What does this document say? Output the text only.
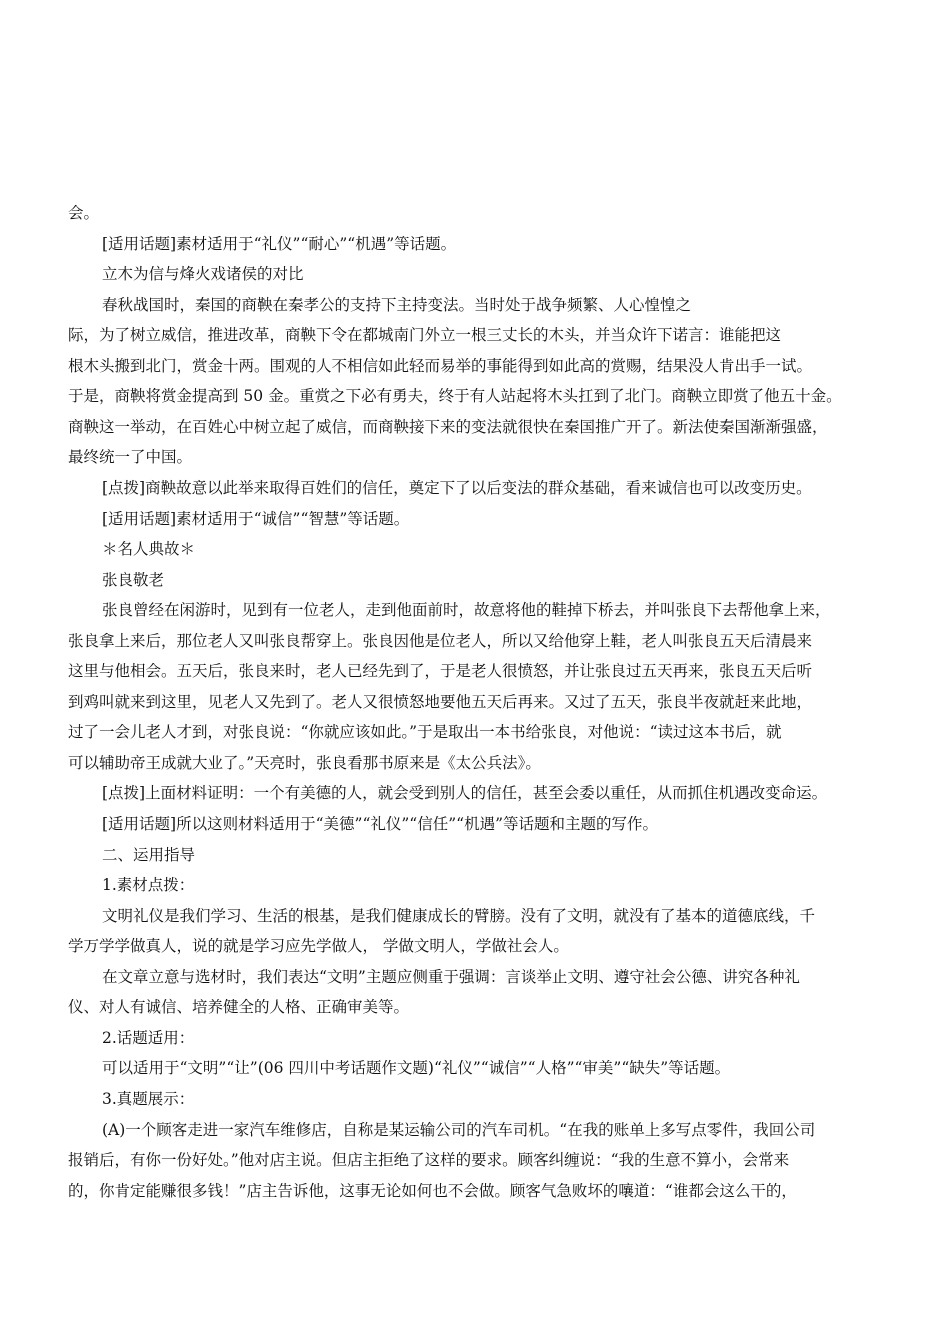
会。
[适用话题]素材适用于“礼仪”“耐心”“机遇”等话题。
立木为信与烽火戏诸侯的对比
春秋战国时，秦国的商鞅在秦孝公的支持下主持变法。当时处于战争频繁、人心惶惶之
际，为了树立威信，推进改革，商鞅下令在都城南门外立一根三丈长的木头，并当众许下诺言：谁能把这
根木头搬到北门，赏金十两。围观的人不相信如此轻而易举的事能得到如此高的赏赐，结果没人肯出手一试。
于是，商鞅将赏金提高到 50 金。重赏之下必有勇夫，终于有人站起将木头扛到了北门。商鞅立即赏了他五十金。
商鞅这一举动，在百姓心中树立起了威信，而商鞅接下来的变法就很快在秦国推广开了。新法使秦国渐渐强盛，
最终统一了中国。
[点拨]商鞅故意以此举来取得百姓们的信任，奠定下了以后变法的群众基础，看来诚信也可以改变历史。
[适用话题]素材适用于“诚信”“智慧”等话题。
＊名人典故＊
张良敬老
张良曾经在闲游时，见到有一位老人，走到他面前时，故意将他的鞋掉下桥去，并叫张良下去帮他拿上来，
张良拿上来后，那位老人又叫张良帮穿上。张良因他是位老人，所以又给他穿上鞋，老人叫张良五天后清晨来
这里与他相会。五天后，张良来时，老人已经先到了，于是老人很愤怒，并让张良过五天再来，张良五天后听
到鸡叫就来到这里，见老人又先到了。老人又很愤怒地要他五天后再来。又过了五天，张良半夜就赶来此地，
过了一会儿老人才到，对张良说：“你就应该如此。”于是取出一本书给张良，对他说：“读过这本书后，就
可以辅助帝王成就大业了。”天亮时，张良看那书原来是《太公兵法》。
[点拨]上面材料证明：一个有美德的人，就会受到别人的信任，甚至会委以重任，从而抓住机遇改变命运。
[适用话题]所以这则材料适用于“美德”“礼仪”“信任”“机遇”等话题和主题的写作。
二、运用指导
1.素材点拨：
文明礼仪是我们学习、生活的根基，是我们健康成长的臂膀。没有了文明，就没有了基本的道德底线，千
学万学学做真人，说的就是学习应先学做人， 学做文明人，学做社会人。
在文章立意与选材时，我们表达“文明”主题应侧重于强调：言谈举止文明、遵守社会公德、讲究各种礼
仪、对人有诚信、培养健全的人格、正确审美等。
2.话题适用：
可以适用于“文明”“让”(06 四川中考话题作文题)“礼仪”“诚信”“人格”“审美”“缺失”等话题。
3.真题展示：
(A)一个顾客走进一家汽车维修店，自称是某运输公司的汽车司机。“在我的账单上多写点零件，我回公司
报销后，有你一份好处。”他对店主说。但店主拒绝了这样的要求。顾客纠缠说：“我的生意不算小，会常来
的，你肯定能赚很多钱！”店主告诉他，这事无论如何也不会做。顾客气急败坏的嚷道：“谁都会这么干的，
